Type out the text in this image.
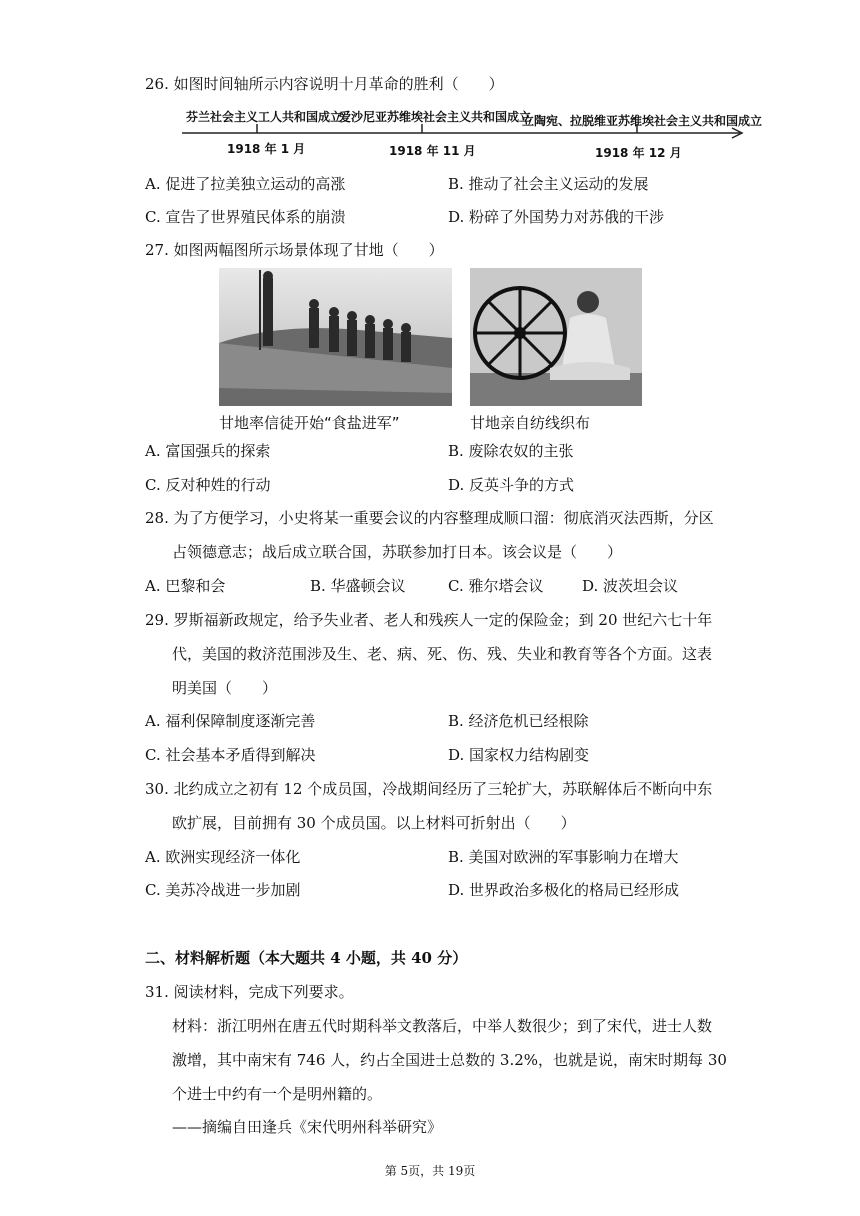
26. 如图时间轴所示内容说明十月革命的胜利（　　）
芬兰社会主义工人共和国成立
爱沙尼亚苏维埃社会主义共和国成立
立陶宛、拉脱维亚苏维埃社会主义共和国成立
1918 年 1 月	1918 年 11 月	1918 年 12 月
A. 促进了拉美独立运动的高涨	B. 推动了社会主义运动的发展
C. 宣告了世界殖民体系的崩溃	D. 粉碎了外国势力对苏俄的干涉
27. 如图两幅图所示场景体现了甘地（　　）
甘地率信徒开始“食盐进军”	甘地亲自纺线织布
A. 富国强兵的探索	B. 废除农奴的主张
C. 反对种姓的行动	D. 反英斗争的方式
28. 为了方便学习，小史将某一重要会议的内容整理成顺口溜：彻底消灭法西斯，分区
占领德意志；战后成立联合国，苏联参加打日本。该会议是（　　）
A. 巴黎和会	B. 华盛顿会议	C. 雅尔塔会议	D. 波茨坦会议
29. 罗斯福新政规定，给予失业者、老人和残疾人一定的保险金；到 20 世纪六七十年
代，美国的救济范围涉及生、老、病、死、伤、残、失业和教育等各个方面。这表
明美国（　　）
A. 福利保障制度逐渐完善	B. 经济危机已经根除
C. 社会基本矛盾得到解决	D. 国家权力结构剧变
30. 北约成立之初有 12 个成员国，冷战期间经历了三轮扩大，苏联解体后不断向中东
欧扩展，目前拥有 30 个成员国。以上材料可折射出（　　）
A. 欧洲实现经济一体化	B. 美国对欧洲的军事影响力在增大
C. 美苏冷战进一步加剧	D. 世界政治多极化的格局已经形成
二、材料解析题（本大题共 4 小题，共 40 分）
31. 阅读材料，完成下列要求。
材料：浙江明州在唐五代时期科举文教落后，中举人数很少；到了宋代，进士人数
激增，其中南宋有 746 人，约占全国进士总数的 3.2%，也就是说，南宋时期每 30
个进士中约有一个是明州籍的。
——摘编自田逢兵《宋代明州科举研究》
第 5页，共 19页
